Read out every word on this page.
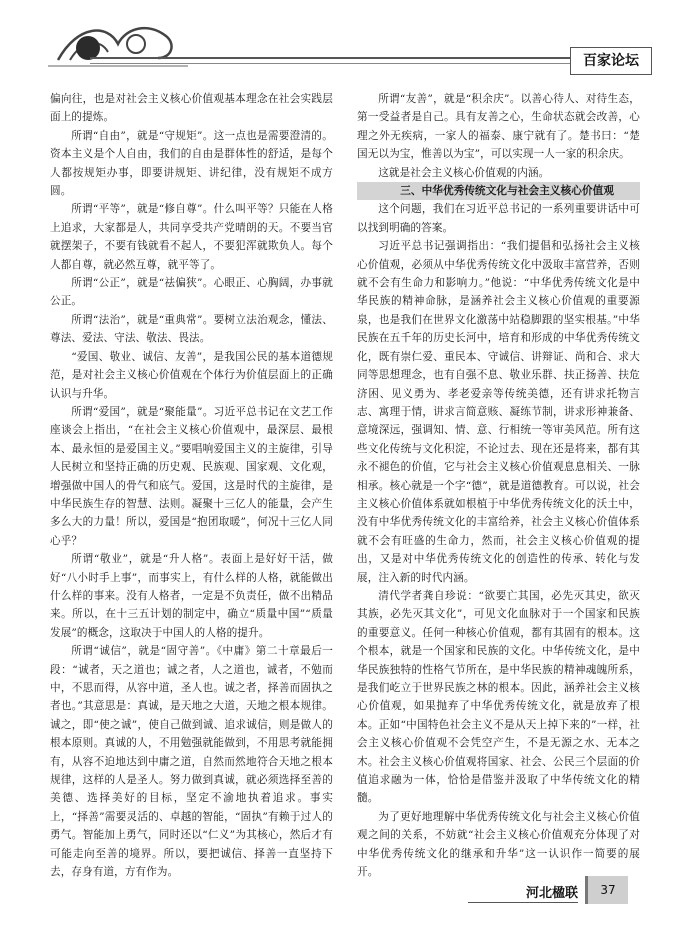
百家论坛

偏向往，也是对社会主义核心价值观基本理念在社会实践层面上的提炼。

所谓“自由”，就是“守规矩”。这一点也是需要澄清的。资本主义是个人自由，我们的自由是群体性的舒适，是每个人都按规矩办事，即要讲规矩、讲纪律，没有规矩不成方圆。

所谓“平等”，就是“修自尊”。什么叫平等？只能在人格上追求，大家都是人，共同享受共产党晴朗的天。不要当官就摆架子，不要有钱就看不起人，不要犯浑就欺负人。每个人都自尊，就必然互尊，就平等了。

所谓“公正”，就是“祛偏狭”。心眼正、心胸阔，办事就公正。

所谓“法治”，就是“重典常”。要树立法治观念，懂法、尊法、爱法、守法、敬法、畏法。

“爱国、敬业、诚信、友善”，是我国公民的基本道德规范，是对社会主义核心价值观在个体行为价值层面上的正确认识与升华。

所谓“爱国”，就是“聚能量”。习近平总书记在文艺工作座谈会上指出，“在社会主义核心价值观中，最深层、最根本、最永恒的是爱国主义。”要唱响爱国主义的主旋律，引导人民树立和坚持正确的历史观、民族观、国家观、文化观，增强做中国人的骨气和底气。爱国，这是时代的主旋律，是中华民族生存的智慧、法则。凝聚十三亿人的能量，会产生多么大的力量！所以，爱国是“抱团取暖”，何况十三亿人同心乎？

所谓“敬业”，就是“升人格”。表面上是好好干活，做好“八小时手上事”，而事实上，有什么样的人格，就能做出什么样的事来。没有人格者，一定是不负责任，做不出精品来。所以，在十三五计划的制定中，确立“质量中国”“质量发展”的概念，这取决于中国人的人格的提升。

所谓“诚信”，就是“固守善”。《中庸》第二十章最后一段：“诚者，天之道也；诚之者，人之道也，诚者，不勉而中，不思而得，从容中道，圣人也。诚之者，择善而固执之者也。”其意思是：真诚，是天地之大道，天地之根本规律。诚之，即“使之诚”，使自己做到诚、追求诚信，则是做人的根本原则。真诚的人，不用勉强就能做到，不用思考就能拥有，从容不迫地达到中庸之道，自然而然地符合天地之根本规律，这样的人是圣人。努力做到真诚，就必须选择至善的美德、选择美好的目标，坚定不渝地执着追求。事实上，“择善”需要灵活的、卓越的智能，“固执”有赖于过人的勇气。智能加上勇气，同时还以“仁义”为其核心，然后才有可能走向至善的境界。所以，要把诚信、择善一直坚持下去，存身有道，方有作为。

所谓“友善”，就是“积余庆”。以善心待人、对待生态，第一受益者是自己。具有友善之心，生命状态就会改善，心理之外无疾病，一家人的福泰、康宁就有了。楚书曰：“楚国无以为宝，惟善以为宝”，可以实现一人一家的积余庆。

这就是社会主义核心价值观的内涵。

三、中华优秀传统文化与社会主义核心价值观

这个问题，我们在习近平总书记的一系列重要讲话中可以找到明确的答案。

习近平总书记强调指出：“我们提倡和弘扬社会主义核心价值观，必须从中华优秀传统文化中汲取丰富营养，否则就不会有生命力和影响力。”他说：“中华优秀传统文化是中华民族的精神命脉，是涵养社会主义核心价值观的重要源泉，也是我们在世界文化激荡中站稳脚跟的坚实根基。”中华民族在五千年的历史长河中，培育和形成的中华优秀传统文化，既有崇仁爱、重民本、守诚信、讲辩证、尚和合、求大同等思想理念，也有自强不息、敬业乐群、扶正扬善、扶危济困、见义勇为、孝老爱亲等传统美德，还有讲求托物言志、寓理于情，讲求言简意赅、凝练节制，讲求形神兼备、意境深远，强调知、情、意、行相统一等审美风范。所有这些文化传统与文化积淀，不论过去、现在还是将来，都有其永不褪色的价值，它与社会主义核心价值观息息相关、一脉相承。核心就是一个字“德”，就是道德教育。可以说，社会主义核心价值体系就如根植于中华优秀传统文化的沃土中，没有中华优秀传统文化的丰富给养，社会主义核心价值体系就不会有旺盛的生命力，然而，社会主义核心价值观的提出，又是对中华优秀传统文化的创造性的传承、转化与发展，注入新的时代内涵。

清代学者龚自珍说：“欲要亡其国，必先灭其史，欲灭其族，必先灭其文化”，可见文化血脉对于一个国家和民族的重要意义。任何一种核心价值观，都有其固有的根本。这个根本，就是一个国家和民族的文化。中华传统文化，是中华民族独特的性格气节所在，是中华民族的精神魂魄所系，是我们屹立于世界民族之林的根本。因此，涵养社会主义核心价值观，如果抛弃了中华优秀传统文化，就是放弃了根本。正如“中国特色社会主义不是从天上掉下来的”一样，社会主义核心价值观不会凭空产生，不是无源之水、无本之木。社会主义核心价值观将国家、社会、公民三个层面的价值追求融为一体，恰恰是借鉴并汲取了中华传统文化的精髓。

为了更好地理解中华优秀传统文化与社会主义核心价值观之间的关系，不妨就“社会主义核心价值观充分体现了对中华优秀传统文化的继承和升华”这一认识作一简要的展开。

河北楹联	37
